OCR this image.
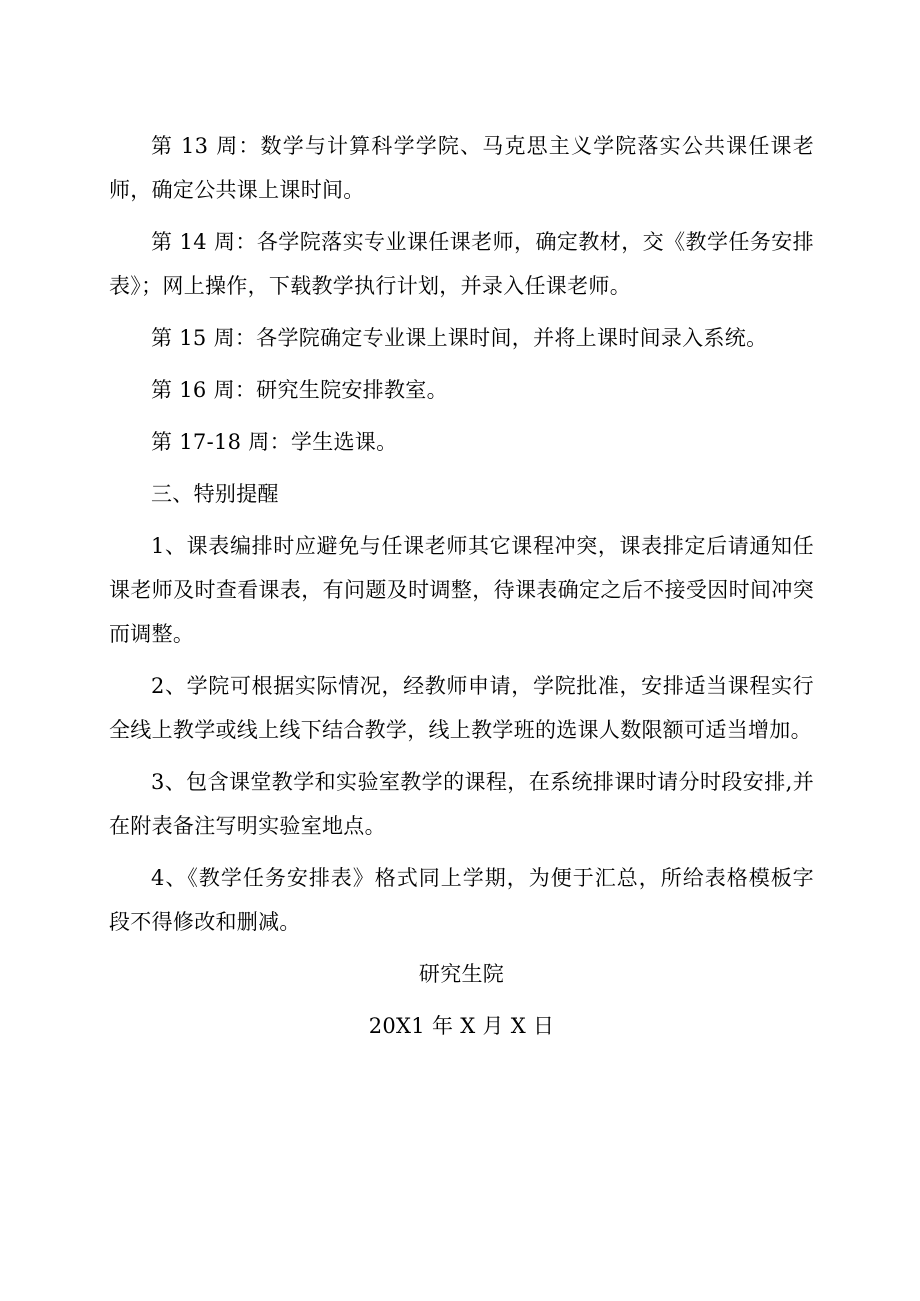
第 13 周：数学与计算科学学院、马克思主义学院落实公共课任课老师，确定公共课上课时间。

第 14 周：各学院落实专业课任课老师，确定教材，交《教学任务安排表》；网上操作，下载教学执行计划，并录入任课老师。

第 15 周：各学院确定专业课上课时间，并将上课时间录入系统。

第 16 周：研究生院安排教室。

第 17-18 周：学生选课。

三、特别提醒

1、课表编排时应避免与任课老师其它课程冲突，课表排定后请通知任课老师及时查看课表，有问题及时调整，待课表确定之后不接受因时间冲突而调整。

2、学院可根据实际情况，经教师申请，学院批准，安排适当课程实行全线上教学或线上线下结合教学，线上教学班的选课人数限额可适当增加。

3、包含课堂教学和实验室教学的课程，在系统排课时请分时段安排,并在附表备注写明实验室地点。

4、《教学任务安排表》格式同上学期，为便于汇总，所给表格模板字段不得修改和删减。

研究生院

20X1 年 X 月 X 日
